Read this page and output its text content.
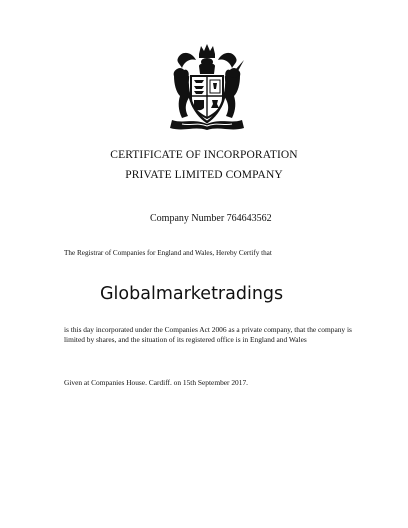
CERTIFICATE OF INCORPORATION
PRIVATE LIMITED COMPANY
Company Number 764643562
The Registrar of Companies for England and Wales, Hereby Certify that
Globalmarketradings
is this day incorporated under the Companies Act 2006 as a private company, that the company is limited by shares, and the situation of its registered office is in England and Wales
Given at Companies House. Cardiff. on 15th September 2017.
